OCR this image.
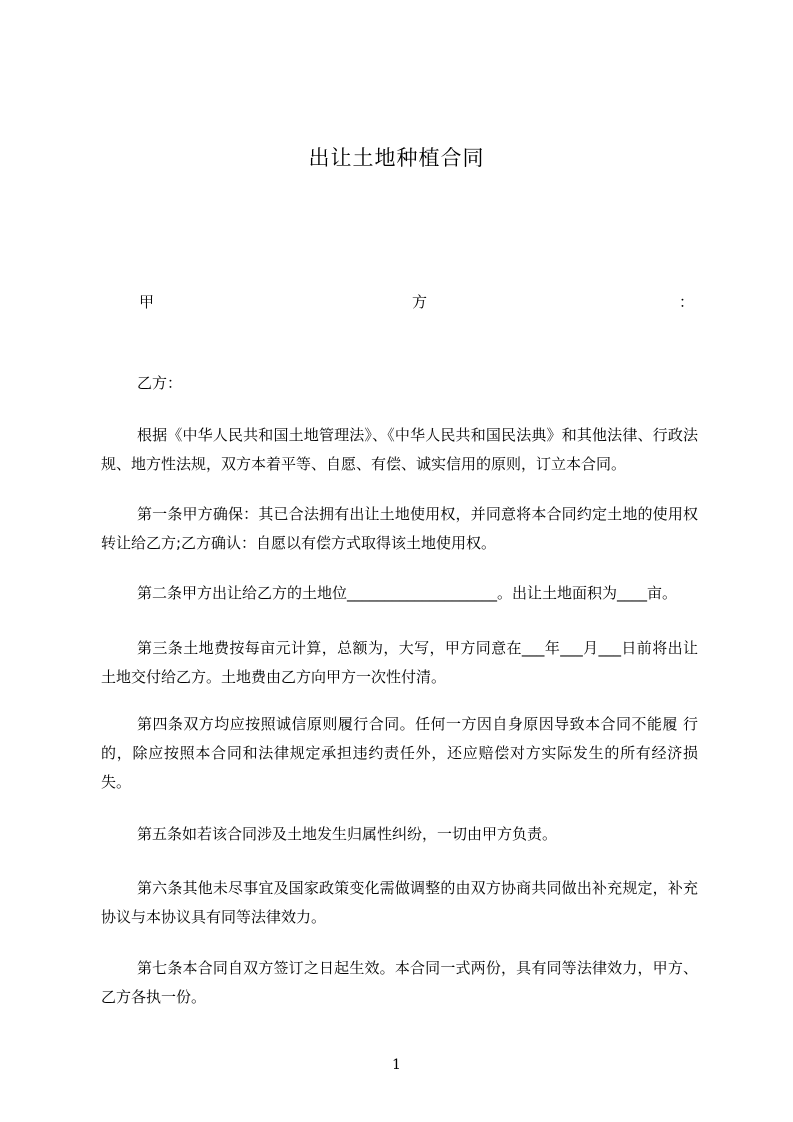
出让土地种植合同
甲	方	：
乙方：
根据《中华人民共和国土地管理法》、《中华人民共和国民法典》和其他法律、行政法规、地方性法规，双方本着平等、自愿、有偿、诚实信用的原则，订立本合同。
第一条甲方确保：其已合法拥有出让土地使用权，并同意将本合同约定土地的使用权转让给乙方;乙方确认：自愿以有偿方式取得该土地使用权。
第二条甲方出让给乙方的土地位____________________。出让土地面积为____亩。
第三条土地费按每亩元计算，总额为，大写，甲方同意在___年___月___日前将出让土地交付给乙方。土地费由乙方向甲方一次性付清。
第四条双方均应按照诚信原则履行合同。任何一方因自身原因导致本合同不能履 行的，除应按照本合同和法律规定承担违约责任外，还应赔偿对方实际发生的所有经济损失。
第五条如若该合同涉及土地发生归属性纠纷，一切由甲方负责。
第六条其他未尽事宜及国家政策变化需做调整的由双方协商共同做出补充规定，补充协议与本协议具有同等法律效力。
第七条本合同自双方签订之日起生效。本合同一式两份，具有同等法律效力，甲方、乙方各执一份。
1
